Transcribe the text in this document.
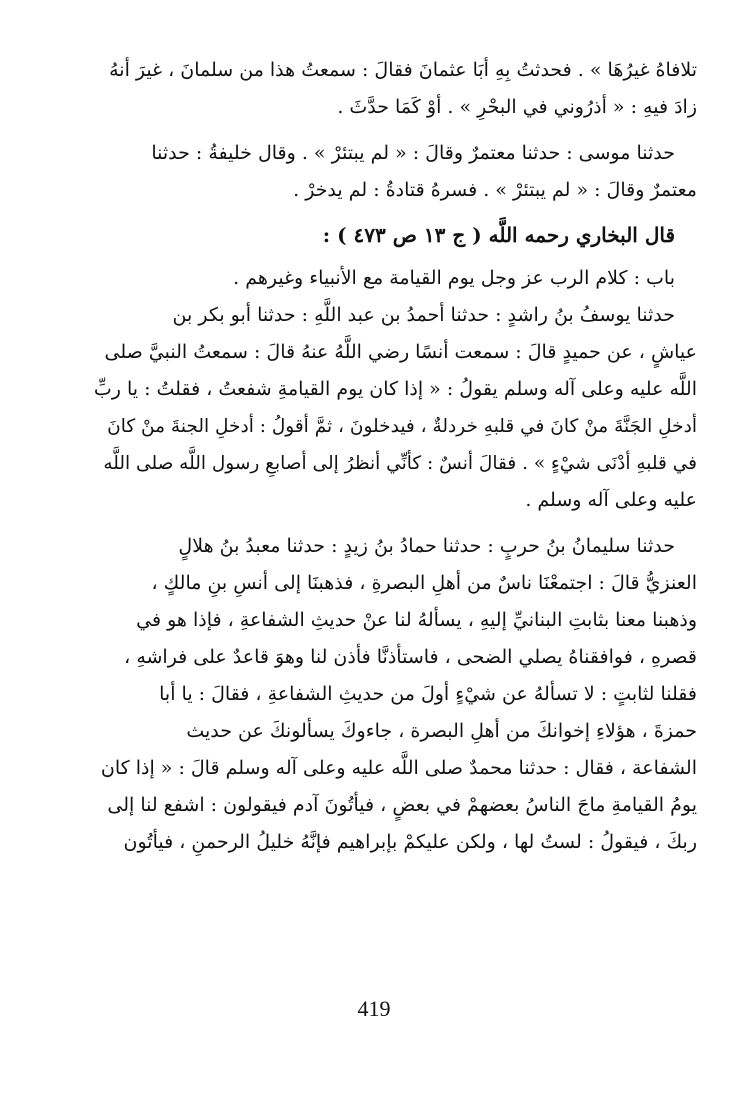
تلافاهُ غيرُهَا » . فحدثتُ بِهِ أبَا عثمانَ فقالَ : سمعتُ هذا من سلمانَ ، غيرَ أنهُ
زادَ فيهِ : « أذرُوني في البحْرِ » . أوْ كَمَا حدَّثَ .
حدثنا موسى : حدثنا معتمرٌ وقالَ : « لم يبتئرْ » . وقال خليفةُ : حدثنا
معتمرٌ وقالَ : « لم يبتئرْ » . فسرهُ قتادةُ : لم يدخرْ .
قال البخاري رحمه اللَّه ( ج ١٣ ص ٤٧٣ ) :
باب : كلام الرب عز وجل يوم القيامة مع الأنبياء وغيرهم .
حدثنا يوسفُ بنُ راشدٍ : حدثنا أحمدُ بن عبد اللَّهِ : حدثنا أبو بكر بن
عياشٍ ، عن حميدٍ قالَ : سمعت أنسًا رضي اللَّهُ عنهُ قالَ : سمعتُ النبيَّ صلى
اللَّه عليه وعلى آله وسلم يقولُ : « إذا كان يوم القيامةِ شفعتُ ، فقلتُ : يا ربِّ
أدخلِ الجَنَّةَ منْ كانَ في قلبهِ خردلةٌ ، فيدخلونَ ، ثمَّ أقولُ : أدخلِ الجنةَ منْ كانَ
في قلبهِ أدْنَى شيْءٍ » . فقالَ أنسٌ : كأنِّي أنظرُ إلى أصابعِ رسول اللَّه صلى اللَّه
عليه وعلى آله وسلم .
حدثنا سليمانُ بنُ حربٍ : حدثنا حمادُ بنُ زيدٍ : حدثنا معبدُ بنُ هلالٍ
العنزيُّ قالَ : اجتمعْنَا ناسٌ من أهلِ البصرةِ ، فذهبنَا إلى أنسِ بنِ مالكٍ ،
وذهبنا معنا بثابتِ البنانيِّ إليهِ ، يسألهُ لنا عنْ حديثِ الشفاعةِ ، فإذا هو في
قصرهِ ، فوافقناهُ يصلي الضحى ، فاستأذنَّا فأذن لنا وهوَ قاعدٌ على فراشهِ ،
فقلنا لثابتٍ : لا تسألهُ عن شيْءٍ أولَ من حديثِ الشفاعةِ ، فقالَ : يا أبا
حمزةَ ، هؤلاءِ إخوانكَ من أهلِ البصرة ، جاءوكَ يسألونكَ عن حديث
الشفاعة ، فقال : حدثنا محمدٌ صلى اللَّه عليه وعلى آله وسلم قالَ : « إذا كان
يومُ القيامةِ ماجَ الناسُ بعضهمْ في بعضٍ ، فيأتُونَ آدم فيقولون : اشفع لنا إلى
ربكَ ، فيقولُ : لستُ لها ، ولكن عليكمْ بإبراهيم فإنَّهُ خليلُ الرحمنِ ، فيأتُون
419
